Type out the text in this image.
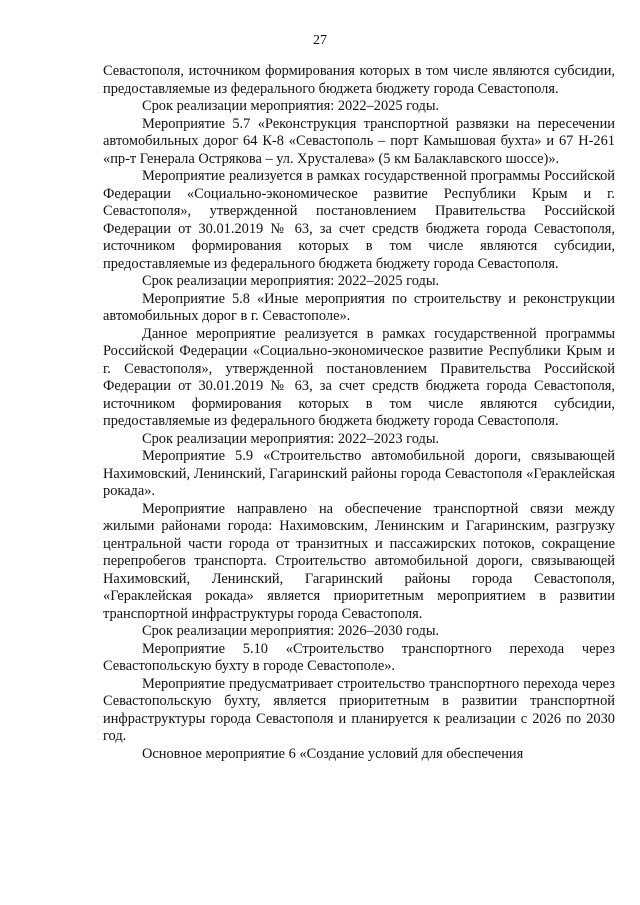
27

Севастополя, источником формирования которых в том числе являются субсидии, предоставляемые из федерального бюджета бюджету города Севастополя.

Срок реализации мероприятия: 2022–2025 годы.

Мероприятие 5.7 «Реконструкция транспортной развязки на пересечении автомобильных дорог 64 К-8 «Севастополь – порт Камышовая бухта» и 67 Н-261 «пр-т Генерала Острякова – ул. Хрусталева» (5 км Балаклавского шоссе)».

Мероприятие реализуется в рамках государственной программы Российской Федерации «Социально-экономическое развитие Республики Крым и г. Севастополя», утвержденной постановлением Правительства Российской Федерации от 30.01.2019 № 63, за счет средств бюджета города Севастополя, источником формирования которых в том числе являются субсидии, предоставляемые из федерального бюджета бюджету города Севастополя.

Срок реализации мероприятия: 2022–2025 годы.

Мероприятие 5.8 «Иные мероприятия по строительству и реконструкции автомобильных дорог в г. Севастополе».

Данное мероприятие реализуется в рамках государственной программы Российской Федерации «Социально-экономическое развитие Республики Крым и г. Севастополя», утвержденной постановлением Правительства Российской Федерации от 30.01.2019 № 63, за счет средств бюджета города Севастополя, источником формирования которых в том числе являются субсидии, предоставляемые из федерального бюджета бюджету города Севастополя.

Срок реализации мероприятия: 2022–2023 годы.

Мероприятие 5.9 «Строительство автомобильной дороги, связывающей Нахимовский, Ленинский, Гагаринский районы города Севастополя «Гераклейская рокада».

Мероприятие направлено на обеспечение транспортной связи между жилыми районами города: Нахимовским, Ленинским и Гагаринским, разгрузку центральной части города от транзитных и пассажирских потоков, сокращение перепробегов транспорта. Строительство автомобильной дороги, связывающей Нахимовский, Ленинский, Гагаринский районы города Севастополя, «Гераклейская рокада» является приоритетным мероприятием в развитии транспортной инфраструктуры города Севастополя.

Срок реализации мероприятия: 2026–2030 годы.

Мероприятие 5.10 «Строительство транспортного перехода через Севастопольскую бухту в городе Севастополе».

Мероприятие предусматривает строительство транспортного перехода через Севастопольскую бухту, является приоритетным в развитии транспортной инфраструктуры города Севастополя и планируется к реализации с 2026 по 2030 год.

Основное мероприятие 6 «Создание условий для обеспечения
